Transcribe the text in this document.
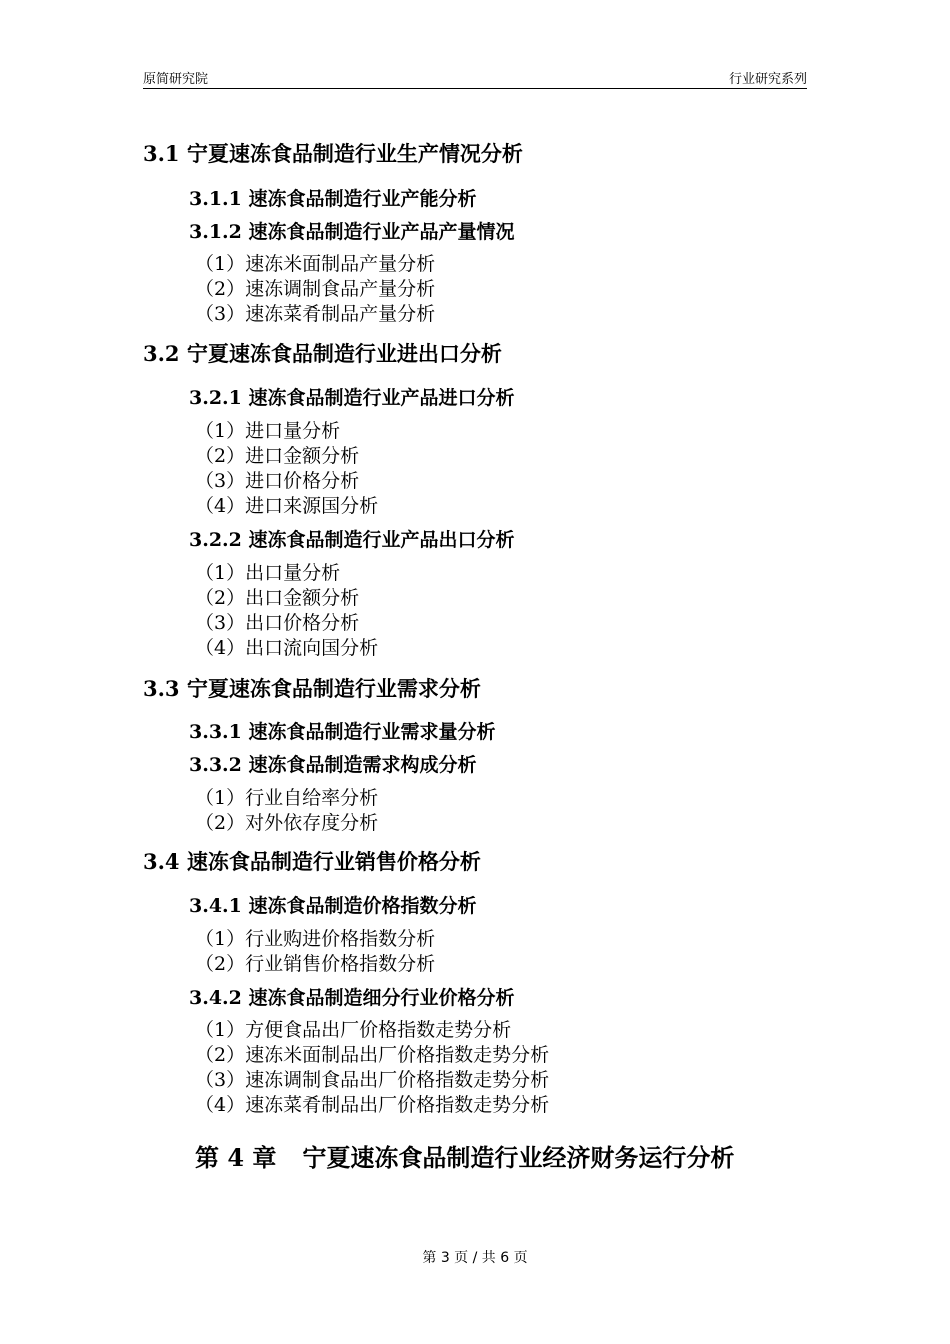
原简研究院	行业研究系列
3.1 宁夏速冻食品制造行业生产情况分析
3.1.1 速冻食品制造行业产能分析
3.1.2 速冻食品制造行业产品产量情况
（1）速冻米面制品产量分析
（2）速冻调制食品产量分析
（3）速冻菜肴制品产量分析
3.2 宁夏速冻食品制造行业进出口分析
3.2.1 速冻食品制造行业产品进口分析
（1）进口量分析
（2）进口金额分析
（3）进口价格分析
（4）进口来源国分析
3.2.2 速冻食品制造行业产品出口分析
（1）出口量分析
（2）出口金额分析
（3）出口价格分析
（4）出口流向国分析
3.3 宁夏速冻食品制造行业需求分析
3.3.1 速冻食品制造行业需求量分析
3.3.2 速冻食品制造需求构成分析
（1）行业自给率分析
（2）对外依存度分析
3.4 速冻食品制造行业销售价格分析
3.4.1 速冻食品制造价格指数分析
（1）行业购进价格指数分析
（2）行业销售价格指数分析
3.4.2 速冻食品制造细分行业价格分析
（1）方便食品出厂价格指数走势分析
（2）速冻米面制品出厂价格指数走势分析
（3）速冻调制食品出厂价格指数走势分析
（4）速冻菜肴制品出厂价格指数走势分析
第 4 章 宁夏速冻食品制造行业经济财务运行分析
第 3 页 / 共 6 页
